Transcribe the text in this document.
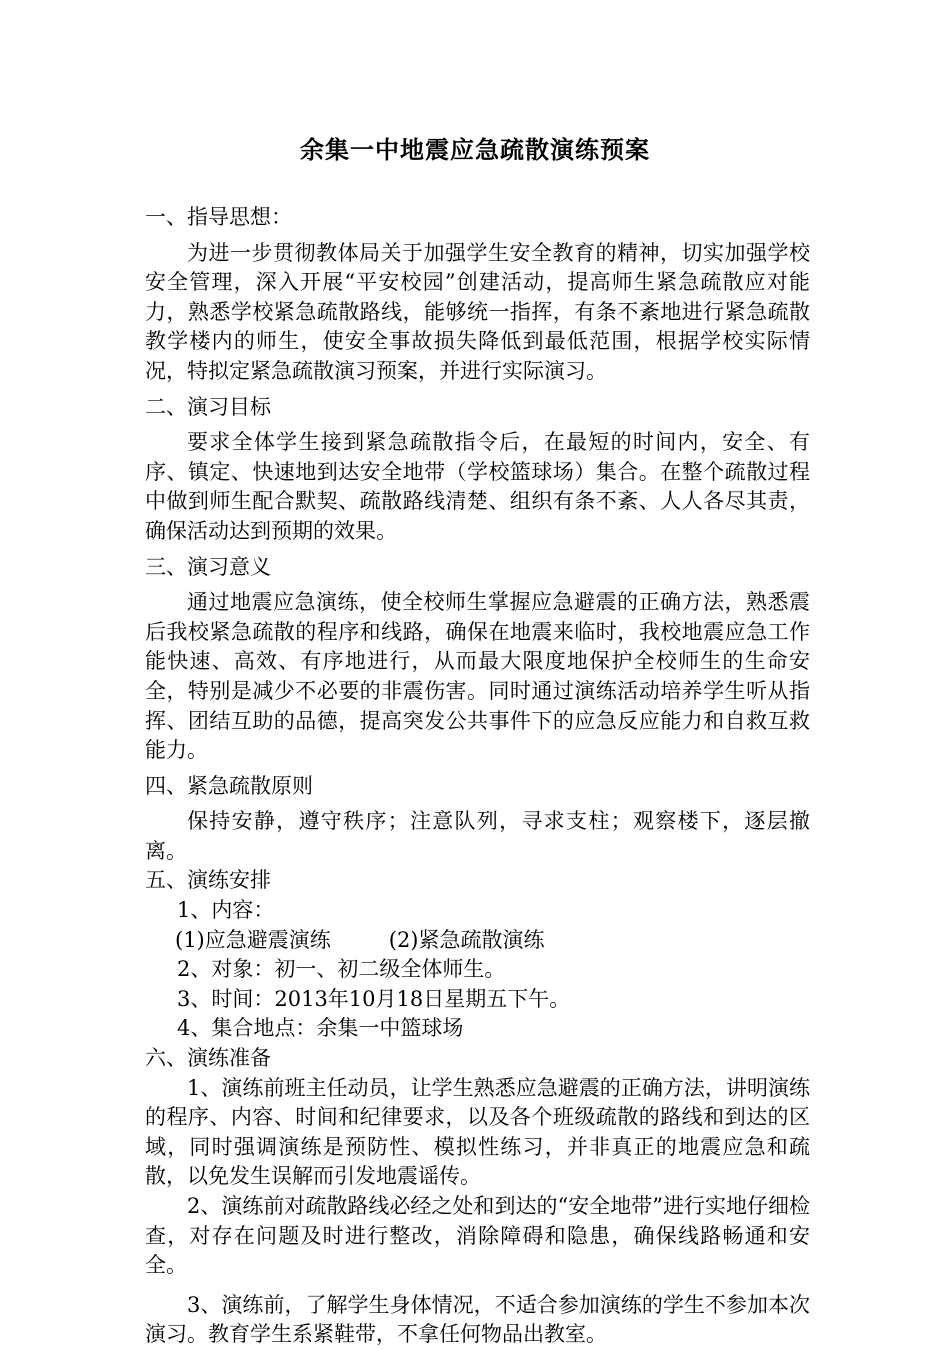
余集一中地震应急疏散演练预案

一、指导思想：

为进一步贯彻教体局关于加强学生安全教育的精神，切实加强学校安全管理，深入开展“平安校园”创建活动，提高师生紧急疏散应对能力，熟悉学校紧急疏散路线，能够统一指挥，有条不紊地进行紧急疏散教学楼内的师生，使安全事故损失降低到最低范围，根据学校实际情况，特拟定紧急疏散演习预案，并进行实际演习。

二、演习目标

要求全体学生接到紧急疏散指令后，在最短的时间内，安全、有序、镇定、快速地到达安全地带（学校篮球场）集合。在整个疏散过程中做到师生配合默契、疏散路线清楚、组织有条不紊、人人各尽其责，确保活动达到预期的效果。

三、演习意义

通过地震应急演练，使全校师生掌握应急避震的正确方法，熟悉震后我校紧急疏散的程序和线路，确保在地震来临时，我校地震应急工作能快速、高效、有序地进行，从而最大限度地保护全校师生的生命安全，特别是减少不必要的非震伤害。同时通过演练活动培养学生听从指挥、团结互助的品德，提高突发公共事件下的应急反应能力和自救互救能力。

四、紧急疏散原则

保持安静，遵守秩序；注意队列，寻求支柱；观察楼下，逐层撤离。

五、演练安排

1、内容：

(1)应急避震演练	(2)紧急疏散演练

2、对象：初一、初二级全体师生。

3、时间：2013年10月18日星期五下午。

4、集合地点：余集一中篮球场

六、演练准备

1、演练前班主任动员，让学生熟悉应急避震的正确方法，讲明演练的程序、内容、时间和纪律要求，以及各个班级疏散的路线和到达的区域，同时强调演练是预防性、模拟性练习，并非真正的地震应急和疏散，以免发生误解而引发地震谣传。

2、演练前对疏散路线必经之处和到达的“安全地带”进行实地仔细检查，对存在问题及时进行整改，消除障碍和隐患，确保线路畅通和安全。

3、演练前，了解学生身体情况，不适合参加演练的学生不参加本次演习。教育学生系紧鞋带，不拿任何物品出教室。
